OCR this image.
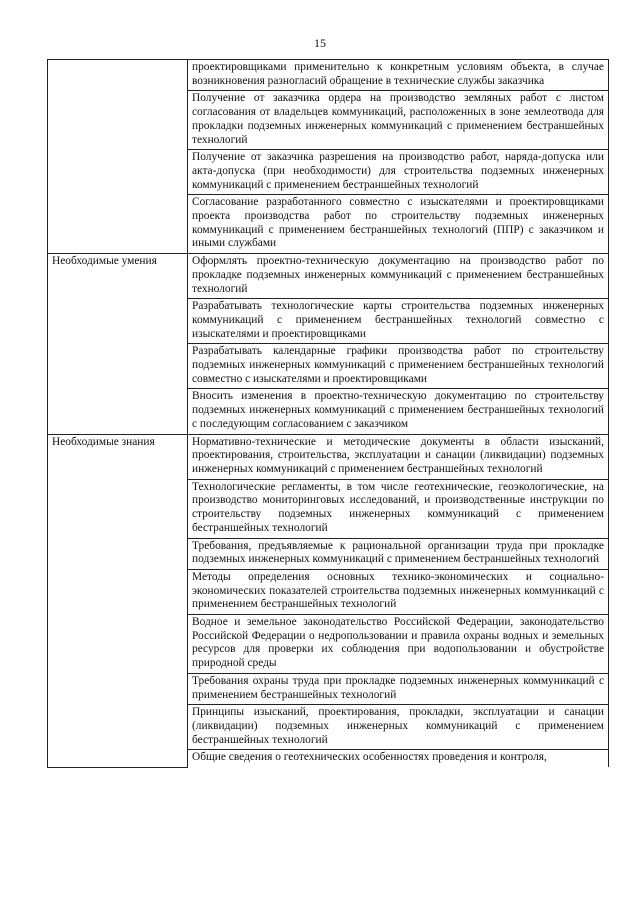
15
	проектировщиками применительно к конкретным условиям объекта, в случае возникновения разногласий обращение в технические службы заказчика
	Получение от заказчика ордера на производство земляных работ с листом согласования от владельцев коммуникаций, расположенных в зоне землеотвода для прокладки подземных инженерных коммуникаций с применением бестраншейных технологий
	Получение от заказчика разрешения на производство работ, наряда-допуска или акта-допуска (при необходимости) для строительства подземных инженерных коммуникаций с применением бестраншейных технологий
	Согласование разработанного совместно с изыскателями и проектировщиками проекта производства работ по строительству подземных инженерных коммуникаций с применением бестраншейных технологий (ППР) с заказчиком и иными службами
Необходимые умения	Оформлять проектно-техническую документацию на производство работ по прокладке подземных инженерных коммуникаций с применением бестраншейных технологий
	Разрабатывать технологические карты строительства подземных инженерных коммуникаций с применением бестраншейных технологий совместно с изыскателями и проектировщиками
	Разрабатывать календарные графики производства работ по строительству подземных инженерных коммуникаций с применением бестраншейных технологий совместно с изыскателями и проектировщиками
	Вносить изменения в проектно-техническую документацию по строительству подземных инженерных коммуникаций с применением бестраншейных технологий с последующим согласованием с заказчиком
Необходимые знания	Нормативно-технические и методические документы в области изысканий, проектирования, строительства, эксплуатации и санации (ликвидации) подземных инженерных коммуникаций с применением бестраншейных технологий
	Технологические регламенты, в том числе геотехнические, геоэкологические, на производство мониторинговых исследований, и производственные инструкции по строительству подземных инженерных коммуникаций с применением бестраншейных технологий
	Требования, предъявляемые к рациональной организации труда при прокладке подземных инженерных коммуникаций с применением бестраншейных технологий
	Методы определения основных технико-экономических и социально-экономических показателей строительства подземных инженерных коммуникаций с применением бестраншейных технологий
	Водное и земельное законодательство Российской Федерации, законодательство Российской Федерации о недропользовании и правила охраны водных и земельных ресурсов для проверки их соблюдения при водопользовании и обустройстве природной среды
	Требования охраны труда при прокладке подземных инженерных коммуникаций с применением бестраншейных технологий
	Принципы изысканий, проектирования, прокладки, эксплуатации и санации (ликвидации) подземных инженерных коммуникаций с применением бестраншейных технологий
	Общие сведения о геотехнических особенностях проведения и контроля,
